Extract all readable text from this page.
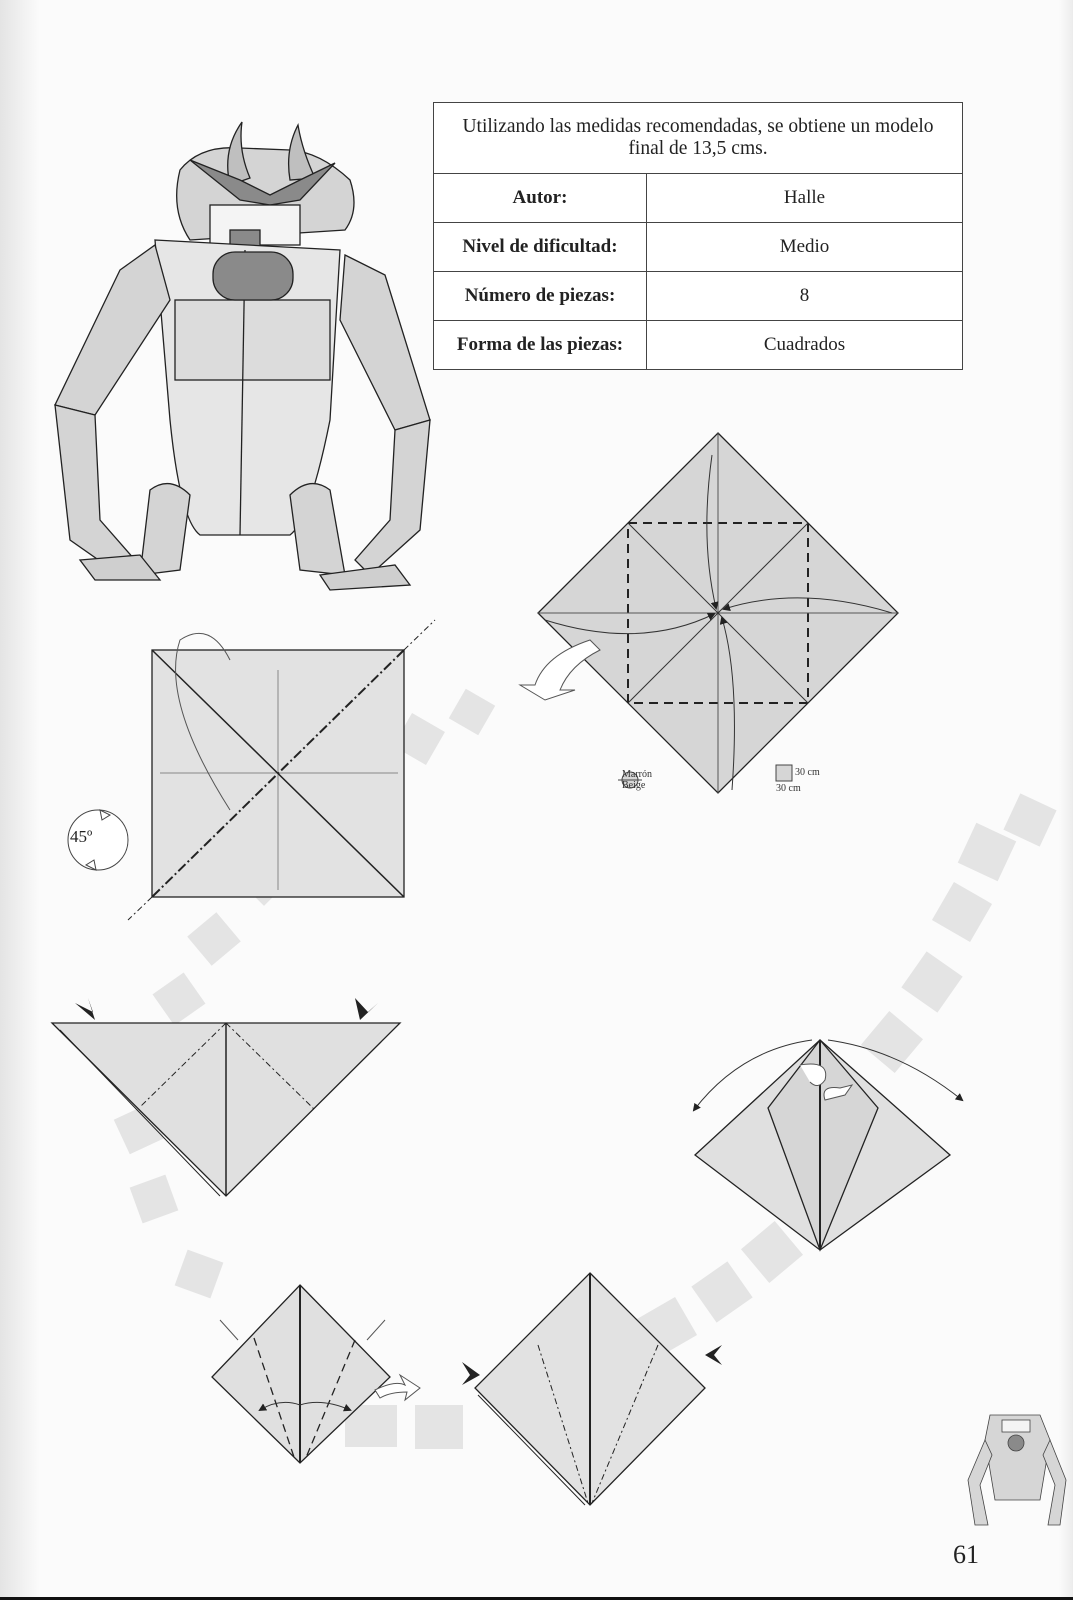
Utilizando las medidas recomendadas, se obtiene un modelo final de 13,5 cms.	
Autor:	Halle
Nivel de dificultad:	Medio
Número de piezas:	8
Forma de las piezas:	Cuadrados
Marrón
Beige
30 cm
30 cm
45º
61
